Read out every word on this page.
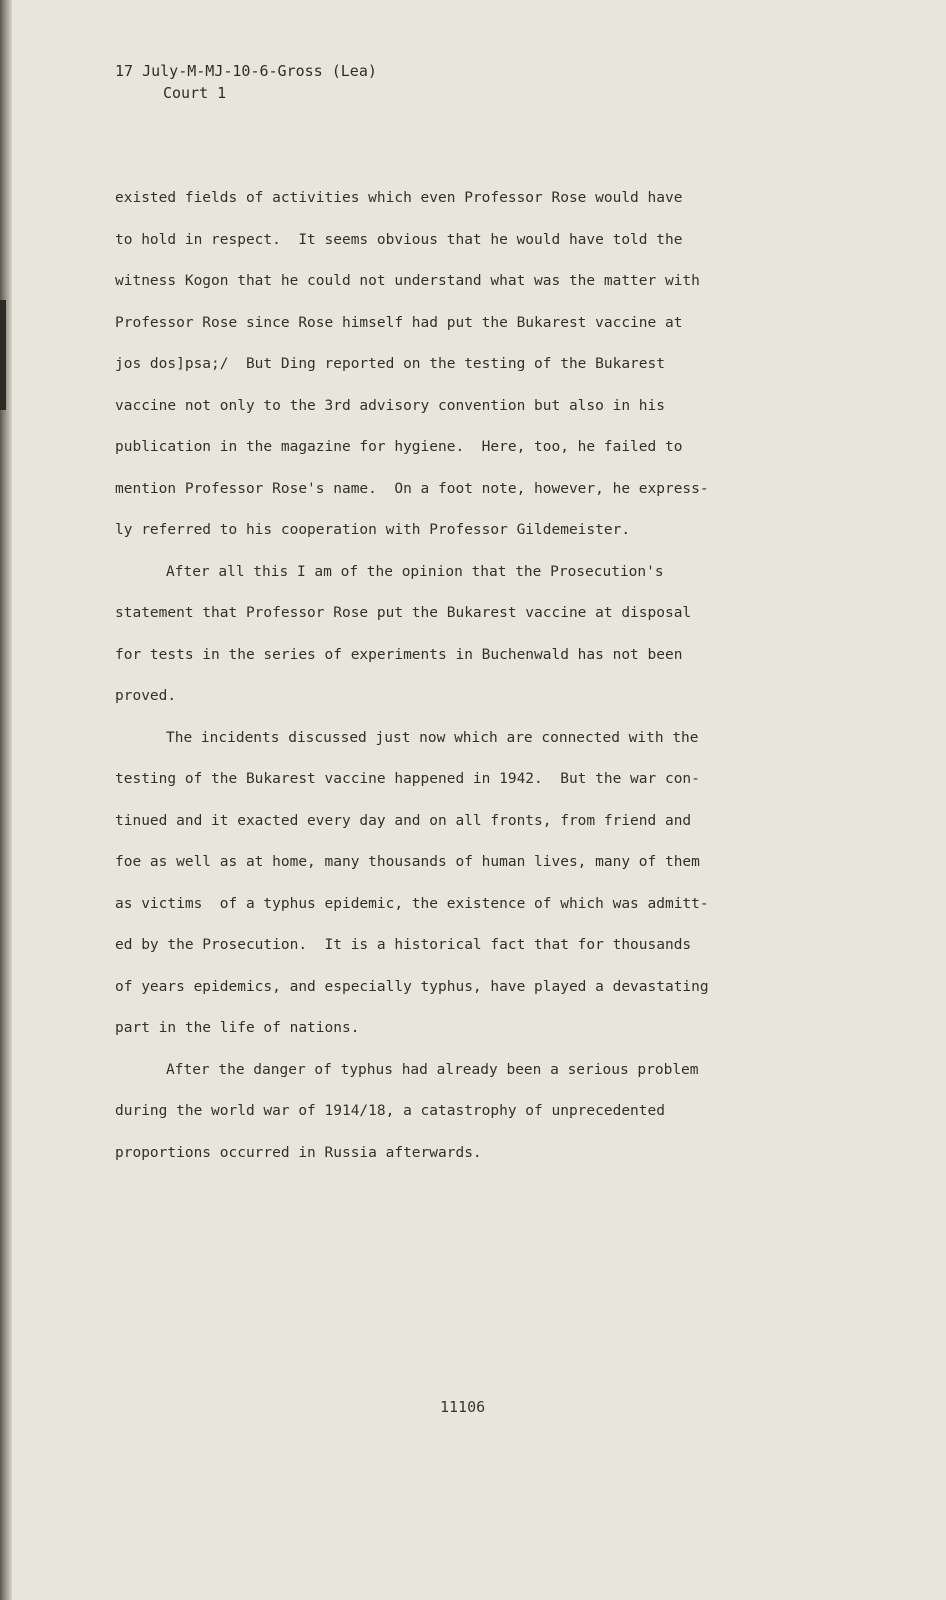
17 July-M-MJ-10-6-Gross (Lea)
Court 1
existed fields of activities which even Professor Rose would have
to hold in respect.  It seems obvious that he would have told the
witness Kogon that he could not understand what was the matter with
Professor Rose since Rose himself had put the Bukarest vaccine at
jos dos]psa;/  But Ding reported on the testing of the Bukarest
vaccine not only to the 3rd advisory convention but also in his
publication in the magazine for hygiene.  Here, too, he failed to
mention Professor Rose's name.  On a foot note, however, he express-
ly referred to his cooperation with Professor Gildemeister.
After all this I am of the opinion that the Prosecution's
statement that Professor Rose put the Bukarest vaccine at disposal
for tests in the series of experiments in Buchenwald has not been
proved.
The incidents discussed just now which are connected with the
testing of the Bukarest vaccine happened in 1942.  But the war con-
tinued and it exacted every day and on all fronts, from friend and
foe as well as at home, many thousands of human lives, many of them
as victims  of a typhus epidemic, the existence of which was admitt-
ed by the Prosecution.  It is a historical fact that for thousands
of years epidemics, and especially typhus, have played a devastating
part in the life of nations.
After the danger of typhus had already been a serious problem
during the world war of 1914/18, a catastrophy of unprecedented
proportions occurred in Russia afterwards.
11106
